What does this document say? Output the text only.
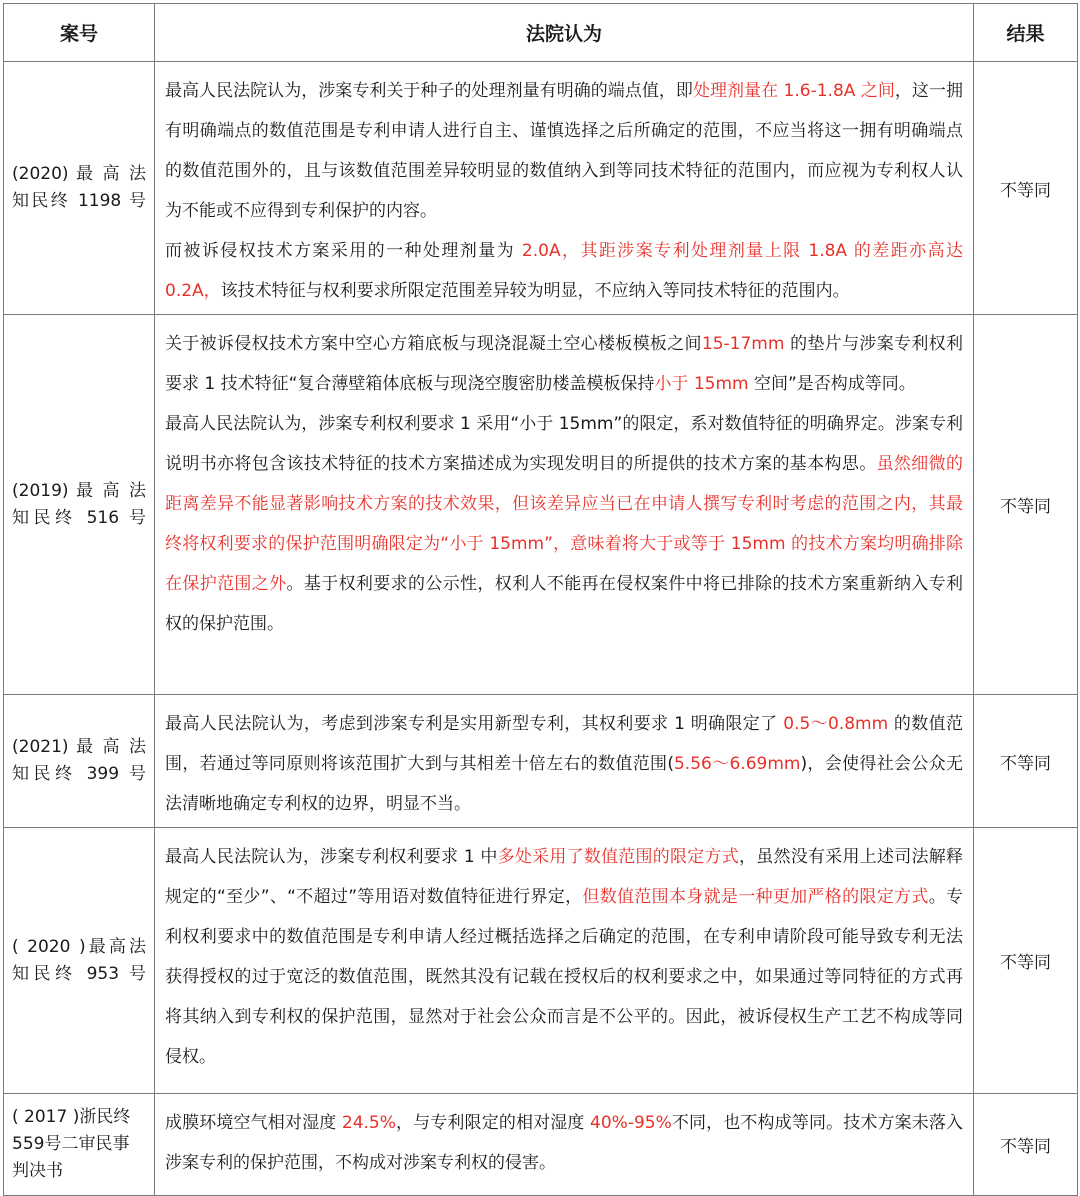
案号	法院认为	结果

(2020) 最 高 法
知民终 1198 号	最高人民法院认为，涉案专利关于种子的处理剂量有明确的端点值，即处理剂量在 1.6-1.8A 之间，这一拥有明确端点的数值范围是专利申请人进行自主、谨慎选择之后所确定的范围，不应当将这一拥有明确端点的数值范围外的，且与该数值范围差异较明显的数值纳入到等同技术特征的范围内，而应视为专利权人认为不能或不应得到专利保护的内容。
而被诉侵权技术方案采用的一种处理剂量为 2.0A，其距涉案专利处理剂量上限 1.8A 的差距亦高达 0.2A，该技术特征与权利要求所限定范围差异较为明显，不应纳入等同技术特征的范围内。	不等同

(2019) 最 高 法
知民终 516 号	关于被诉侵权技术方案中空心方箱底板与现浇混凝土空心楼板模板之间15-17mm 的垫片与涉案专利权利要求 1 技术特征“复合薄壁箱体底板与现浇空腹密肋楼盖模板保持小于 15mm 空间”是否构成等同。
最高人民法院认为，涉案专利权利要求 1 采用“小于 15mm”的限定，系对数值特征的明确界定。涉案专利说明书亦将包含该技术特征的技术方案描述成为实现发明目的所提供的技术方案的基本构思。虽然细微的距离差异不能显著影响技术方案的技术效果，但该差异应当已在申请人撰写专利时考虑的范围之内，其最终将权利要求的保护范围明确限定为“小于 15mm”，意味着将大于或等于 15mm 的技术方案均明确排除在保护范围之外。基于权利要求的公示性，权利人不能再在侵权案件中将已排除的技术方案重新纳入专利权的保护范围。	不等同

(2021) 最 高 法
知民终 399 号	最高人民法院认为，考虑到涉案专利是实用新型专利，其权利要求 1 明确限定了 0.5～0.8mm 的数值范围，若通过等同原则将该范围扩大到与其相差十倍左右的数值范围(5.56～6.69mm)，会使得社会公众无法清晰地确定专利权的边界，明显不当。	不等同

( 2020 )最高法
知民终 953 号	最高人民法院认为，涉案专利权利要求 1 中多处采用了数值范围的限定方式，虽然没有采用上述司法解释规定的“至少”、“不超过”等用语对数值特征进行界定，但数值范围本身就是一种更加严格的限定方式。专利权利要求中的数值范围是专利申请人经过概括选择之后确定的范围，在专利申请阶段可能导致专利无法获得授权的过于宽泛的数值范围，既然其没有记载在授权后的权利要求之中，如果通过等同特征的方式再将其纳入到专利权的保护范围，显然对于社会公众而言是不公平的。因此，被诉侵权生产工艺不构成等同侵权。	不等同

( 2017 )浙民终
559号二审民事
判决书	成膜环境空气相对湿度 24.5%，与专利限定的相对湿度 40%-95%不同，也不构成等同。技术方案未落入涉案专利的保护范围，不构成对涉案专利权的侵害。	不等同
